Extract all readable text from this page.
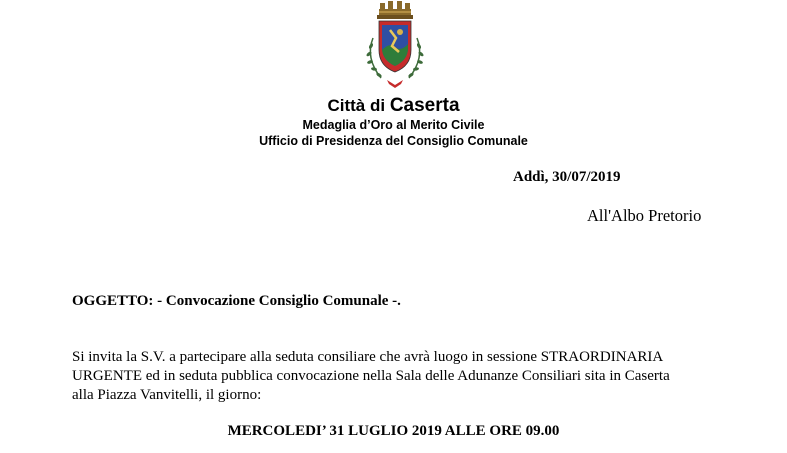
Città di Caserta
Medaglia d’Oro al Merito Civile
Ufficio di Presidenza del Consiglio Comunale
Addì, 30/07/2019
All'Albo Pretorio
OGGETTO: - Convocazione Consiglio Comunale -.
Si invita la S.V. a partecipare alla seduta consiliare che avrà luogo in sessione STRAORDINARIA
URGENTE ed in seduta pubblica convocazione nella Sala delle Adunanze Consiliari sita in Caserta
alla Piazza Vanvitelli, il giorno:
MERCOLEDI’ 31 LUGLIO 2019 ALLE ORE 09.00
